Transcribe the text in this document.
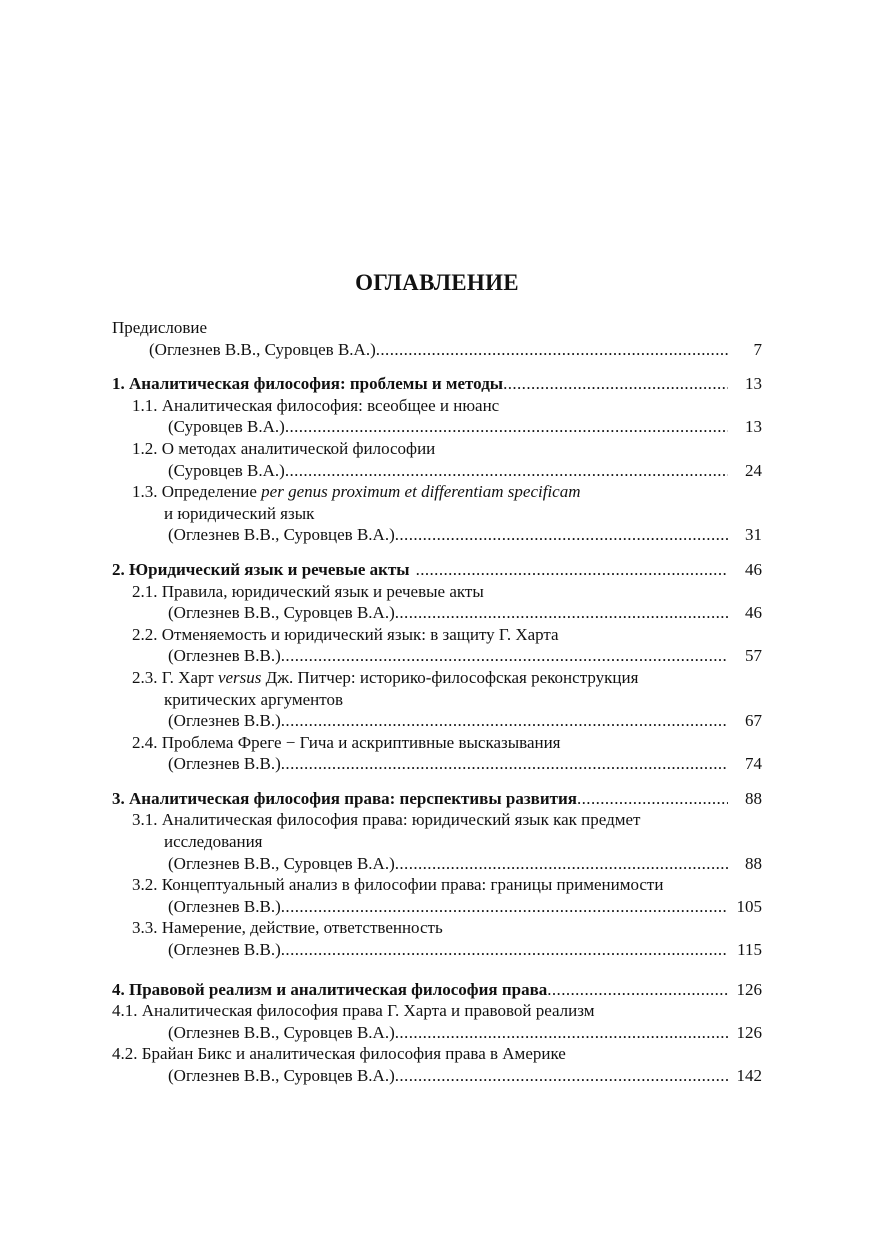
ОГЛАВЛЕНИЕ
Предисловие
(Оглезнев В.В., Суровцев В.А.) .....	7
1. Аналитическая философия: проблемы и методы .....	13
1.1. Аналитическая философия: всеобщее и нюанс
(Суровцев В.А.) .....	13
1.2. О методах аналитической философии
(Суровцев В.А.) .....	24
1.3. Определение per genus proximum et differentiam specificam
и юридический язык
(Оглезнев В.В., Суровцев В.А.) .....	31
2. Юридический язык и речевые акты .....	46
2.1. Правила, юридический язык и речевые акты
(Оглезнев В.В., Суровцев В.А.) .....	46
2.2. Отменяемость и юридический язык: в защиту Г. Харта
(Оглезнев В.В.) .....	57
2.3. Г. Харт versus Дж. Питчер: историко-философская реконструкция
критических аргументов
(Оглезнев В.В.) .....	67
2.4. Проблема Фреге − Гича и аскриптивные высказывания
(Оглезнев В.В.) .....	74
3. Аналитическая философия права: перспективы развития .....	88
3.1. Аналитическая философия права: юридический язык как предмет
исследования
(Оглезнев В.В., Суровцев В.А.) .....	88
3.2. Концептуальный анализ в философии права: границы применимости
(Оглезнев В.В.) .....	105
3.3. Намерение, действие, ответственность
(Оглезнев В.В.) .....	115
4. Правовой реализм и аналитическая философия права .....	126
4.1. Аналитическая философия права Г. Харта и правовой реализм
(Оглезнев В.В., Суровцев В.А.) .....	126
4.2. Брайан Бикс и аналитическая философия права в Америке
(Оглезнев В.В., Суровцев В.А.) .....	142
